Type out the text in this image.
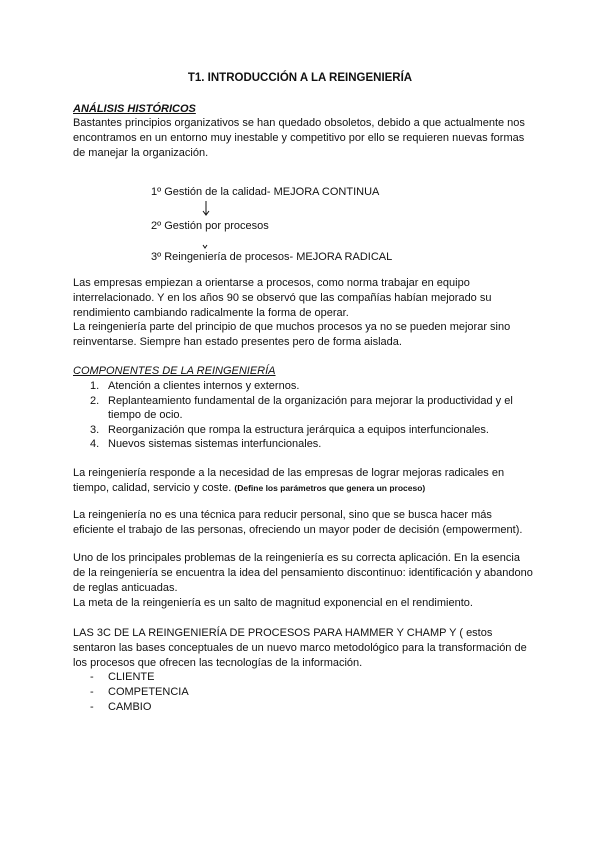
T1. INTRODUCCIÓN A LA REINGENIERÍA
ANÁLISIS HISTÓRICOS

Bastantes principios organizativos se han quedado obsoletos, debido a que actualmente nos encontramos en un entorno muy inestable y competitivo por ello se requieren nuevas formas de manejar la organización.

1º Gestión de la calidad- MEJORA CONTINUA
2º Gestión por procesos
3º Reingeniería de procesos- MEJORA RADICAL

Las empresas empiezan a orientarse a procesos, como norma trabajar en equipo interrelacionado. Y en los años 90 se observó que las compañías habían mejorado su rendimiento cambiando radicalmente la forma de operar.

La reingeniería parte del principio de que muchos procesos ya no se pueden mejorar sino reinventarse. Siempre han estado presentes pero de forma aislada.

COMPONENTES DE LA REINGENIERÍA
1. Atención a clientes internos y externos.
2. Replanteamiento fundamental de la organización para mejorar la productividad y el tiempo de ocio.
3. Reorganización que rompa la estructura jerárquica a equipos interfuncionales.
4. Nuevos sistemas sistemas interfuncionales.

La reingeniería responde a la necesidad de las empresas de lograr mejoras radicales en tiempo, calidad, servicio y coste. (Define los parámetros que genera un proceso)

La reingeniería no es una técnica para reducir personal, sino que se busca hacer más eficiente el trabajo de las personas, ofreciendo un mayor poder de decisión (empowerment).

Uno de los principales problemas de la reingeniería es su correcta aplicación. En la esencia de la reingeniería se encuentra la idea del pensamiento discontinuo: identificación y abandono de reglas anticuadas.

La meta de la reingeniería es un salto de magnitud exponencial en el rendimiento.

LAS 3C DE LA REINGENIERÍA DE PROCESOS PARA HAMMER Y CHAMP Y ( estos sentaron las bases conceptuales de un nuevo marco metodológico para la transformación de los procesos que ofrecen las tecnologías de la información.

- CLIENTE
- COMPETENCIA
- CAMBIO
